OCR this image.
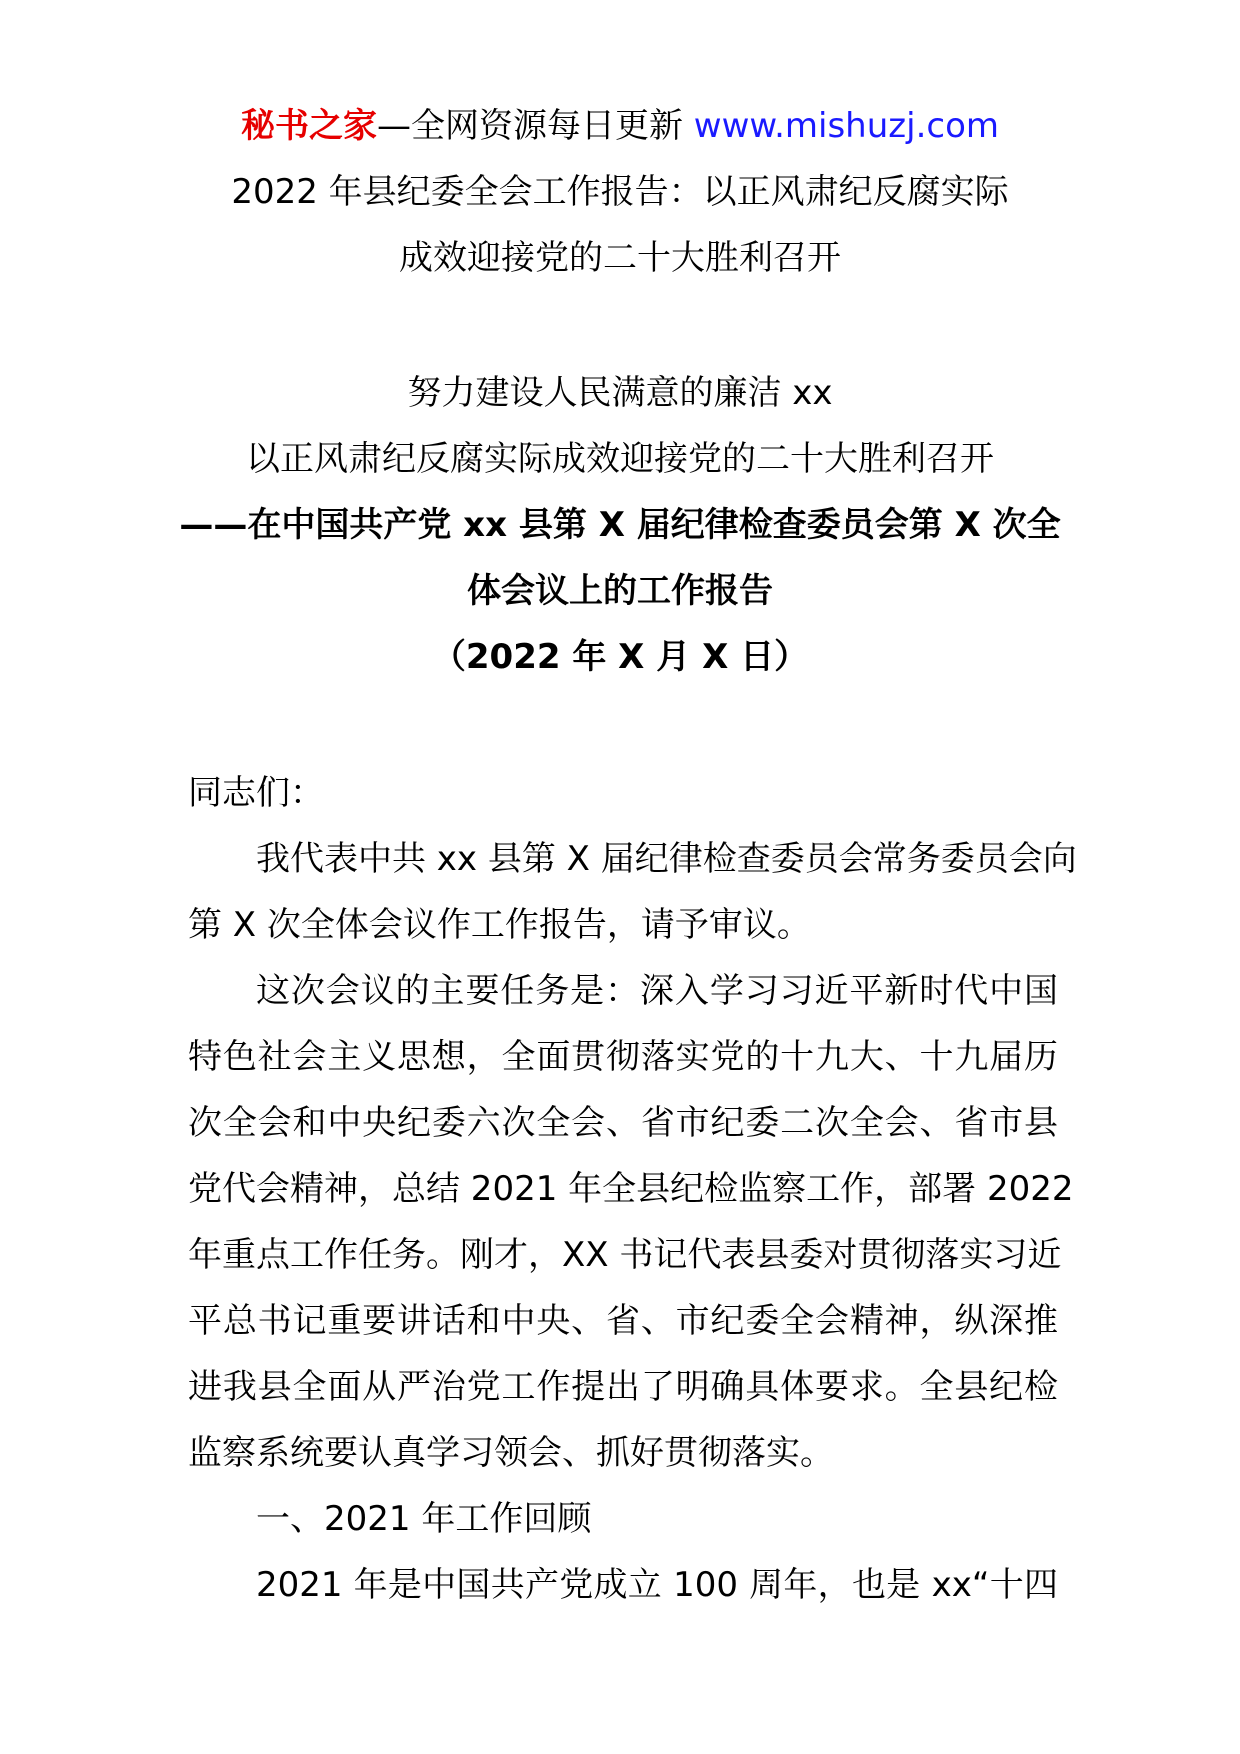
秘书之家—全网资源每日更新 www.mishuzj.com
2022 年县纪委全会工作报告：以正风肃纪反腐实际
成效迎接党的二十大胜利召开
努力建设人民满意的廉洁 xx
以正风肃纪反腐实际成效迎接党的二十大胜利召开
——在中国共产党 xx 县第 X 届纪律检查委员会第 X 次全
体会议上的工作报告
（2022 年 X 月 X 日）
同志们：
我代表中共 xx 县第 X 届纪律检查委员会常务委员会向
第 X 次全体会议作工作报告，请予审议。
这次会议的主要任务是：深入学习习近平新时代中国
特色社会主义思想，全面贯彻落实党的十九大、十九届历
次全会和中央纪委六次全会、省市纪委二次全会、省市县
党代会精神，总结 2021 年全县纪检监察工作，部署 2022
年重点工作任务。刚才，XX 书记代表县委对贯彻落实习近
平总书记重要讲话和中央、省、市纪委全会精神，纵深推
进我县全面从严治党工作提出了明确具体要求。全县纪检
监察系统要认真学习领会、抓好贯彻落实。
一、2021 年工作回顾
2021 年是中国共产党成立 100 周年，也是 xx“十四
